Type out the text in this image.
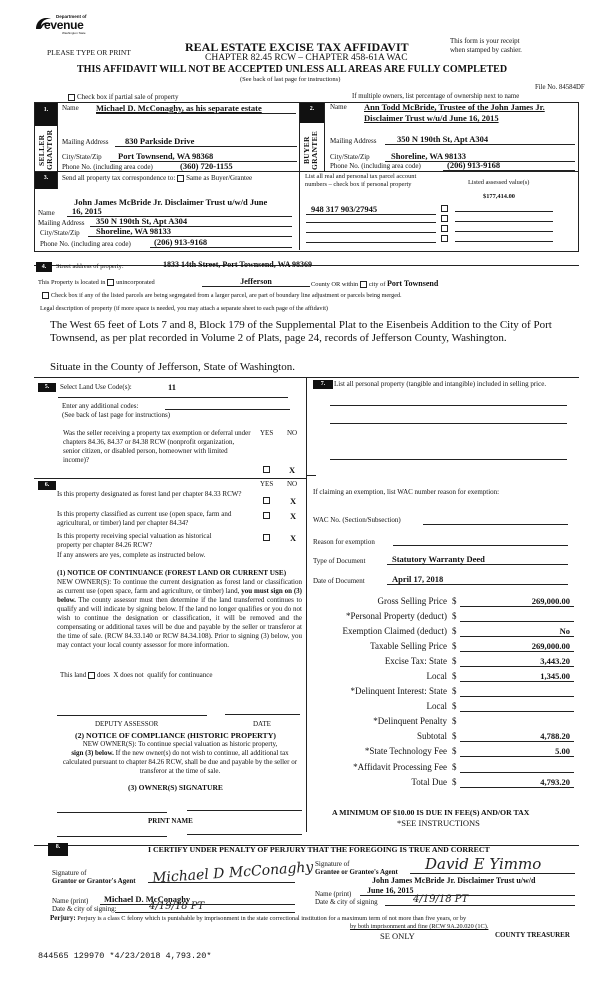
Department of
evenue
Washington State
PLEASE TYPE OR PRINT	REAL ESTATE EXCISE TAX AFFIDAVIT
CHAPTER 82.45 RCW – CHAPTER 458-61A WAC
This form is your receipt
when stamped by cashier.
THIS AFFIDAVIT WILL NOT BE ACCEPTED UNLESS ALL AREAS ARE FULLY COMPLETED
(See back of last page for instructions)
File No. 84584DF
Check box if partial sale of property	If multiple owners, list percentage of ownership next to name
1.
SELLER
GRANTOR
Name Michael D. McConaghy, as his separate estate
Mailing Address	830 Parkside Drive
City/State/Zip	Port Townsend, WA 98368
Phone No. (including area code)	(360) 720-1155
2.
BUYER
GRANTEE
Name Ann Todd McBride, Trustee of the John James Jr.
Disclaimer Trust w/u/d June 16, 2015
Mailing Address	350 N 190th St, Apt A304
City/State/Zip	Shoreline, WA 98133
Phone No. (including area code)	(206) 913-9168
3.	Send all property tax correspondence to: Same as Buyer/Grantee
John James McBride Jr. Disclaimer Trust u/w/d June
Name	16, 2015
Mailing Address	350 N 190th St, Apt A304
City/State/Zip	Shoreline, WA 98133
Phone No. (including area code)	(206) 913-9168
List all real and personal tax parcel account
numbers – check box if personal property	Listed assessed value(s)
$177,414.00
948 317 903/27945
4.	Street address of property:	1833 14th Street, Port Townsend, WA 98369
This Property is located in unincorporated	Jefferson	County OR within city of Port Townsend
Check box if any of the listed parcels are being segregated from a larger parcel, are part of boundary line adjustment or parcels being merged.
Legal description of property (if more space is needed, you may attach a separate sheet to each page of the affidavit)
The West 65 feet of Lots 7 and 8, Block 179 of the Supplemental Plat to the Eisenbeis Addition to the City of Port
Townsend, as per plat recorded in Volume 2 of Plats, page 24, records of Jefferson County, Washington.
Situate in the County of Jefferson, State of Washington.
5.	Select Land Use Code(s):	11
Enter any additional codes:
(See back of last page for instructions)
YES NO
Was the seller receiving a property tax exemption or deferral under chapters 84.36, 84.37 or 84.38 RCW (nonprofit organization, senior citizen, or disabled person, homeowner with limited income)?
X
6.	YES NO
Is this property designated as forest land per chapter 84.33 RCW?
X
Is this property classified as current use (open space, farm and agricultural, or timber) land per chapter 84.34?
X
Is this property receiving special valuation as historical property per chapter 84.26 RCW?
X
If any answers are yes, complete as instructed below.
(1) NOTICE OF CONTINUANCE (FOREST LAND OR CURRENT USE)
NEW OWNER(S): To continue the current designation as forest land or classification as current use (open space, farm and agriculture, or timber) land, you must sign on (3) below. The county assessor must then determine if the land transferred continues to qualify and will indicate by signing below. If the land no longer qualifies or you do not wish to continue the designation or classification, it will be removed and the compensating or additional taxes will be due and payable by the seller or transferor at the time of sale. (RCW 84.33.140 or RCW 84.34.108). Prior to signing (3) below, you may contact your local county assessor for more information.
This land does X does not qualify for continuance
DEPUTY ASSESSOR	DATE
(2) NOTICE OF COMPLIANCE (HISTORIC PROPERTY)
NEW OWNER(S): To continue special valuation as historic property,
sign (3) below. If the new owner(s) do not wish to continue, all additional tax calculated pursuant to chapter 84.26 RCW, shall be due and payable by the seller or transferor at the time of sale.
(3) OWNER(S) SIGNATURE
PRINT NAME
7.	List all personal property (tangible and intangible) included in selling price.
If claiming an exemption, list WAC number reason for exemption:
WAC No. (Section/Subsection)
Reason for exemption
Type of Document	Statutory Warranty Deed
Date of Document	April 17, 2018
Gross Selling Price $	269,000.00
*Personal Property (deduct) $

Exemption Claimed (deduct) $	No
Taxable Selling Price $	269,000.00
Excise Tax: State $	3,443.20
Local $	1,345.00
*Delinquent Interest: State $

Local $

*Delinquent Penalty $

Subtotal $	4,788.20
*State Technology Fee $	5.00
*Affidavit Processing Fee $

Total Due $	4,793.20
A MINIMUM OF $10.00 IS DUE IN FEE(S) AND/OR TAX
*SEE INSTRUCTIONS
8.	I CERTIFY UNDER PENALTY OF PERJURY THAT THE FOREGOING IS TRUE AND CORRECT
Signature of
Grantor or Grantor's Agent Michael D McConaghy
Name (print)	Michael D. McConaghy
Date & city of signing:	4/19/18 PT
Signature of
Grantee or Grantee's Agent David E Yimmo
John James McBride Jr. Disclaimer Trust u/w/d
Name (print)	June 16, 2015
Date & city of signing	4/19/18 PT
Perjury: Perjury is a class C felony which is punishable by imprisonment in the state correctional institution for a maximum term of not more than five years, or by
by both imprisonment and fine (RCW 9A.20.020 (1C).
SE ONLY	COUNTY TREASURER
844565 129970 *4/23/2018 4,793.20*
